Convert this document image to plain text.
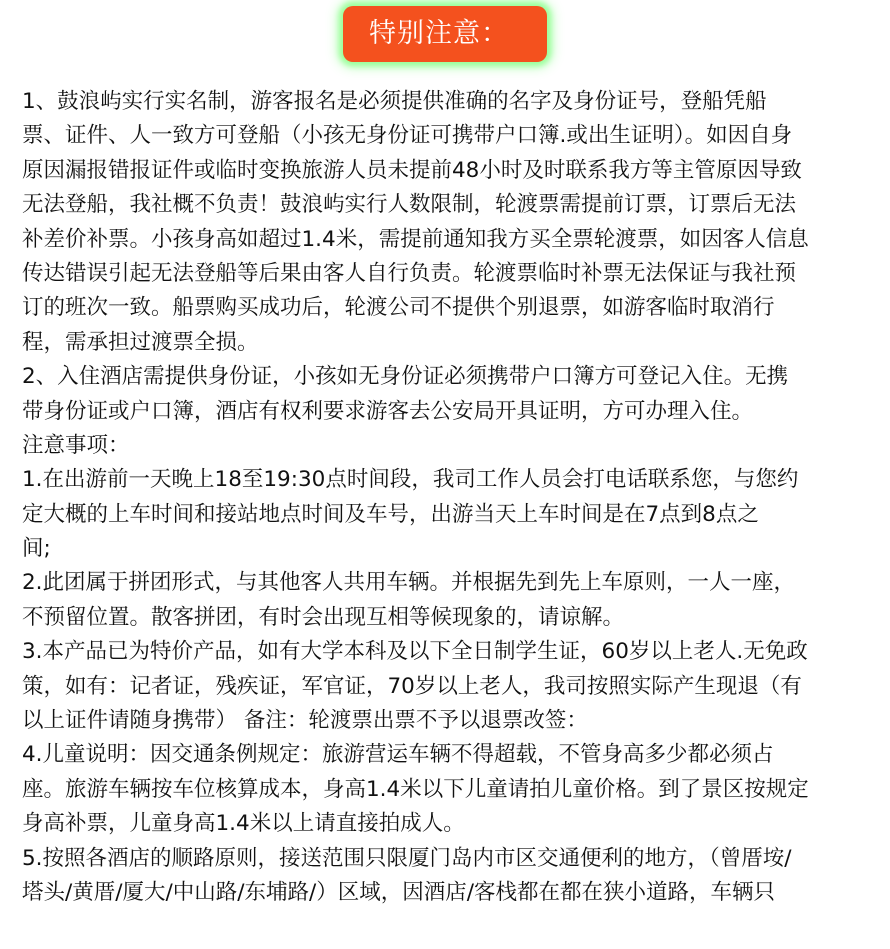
特别注意：
1、鼓浪屿实行实名制，游客报名是必须提供准确的名字及身份证号，登船凭船
票、证件、人一致方可登船（小孩无身份证可携带户口簿.或出生证明）。如因自身
原因漏报错报证件或临时变换旅游人员未提前48小时及时联系我方等主管原因导致
无法登船，我社概不负责！鼓浪屿实行人数限制，轮渡票需提前订票，订票后无法
补差价补票。小孩身高如超过1.4米，需提前通知我方买全票轮渡票，如因客人信息
传达错误引起无法登船等后果由客人自行负责。轮渡票临时补票无法保证与我社预
订的班次一致。船票购买成功后，轮渡公司不提供个别退票，如游客临时取消行
程，需承担过渡票全损。
2、入住酒店需提供身份证，小孩如无身份证必须携带户口簿方可登记入住。无携
带身份证或户口簿，酒店有权利要求游客去公安局开具证明，方可办理入住。
注意事项：
1.在出游前一天晚上18至19:30点时间段，我司工作人员会打电话联系您，与您约
定大概的上车时间和接站地点时间及车号，出游当天上车时间是在7点到8点之
间;
2.此团属于拼团形式，与其他客人共用车辆。并根据先到先上车原则，一人一座，
不预留位置。散客拼团，有时会出现互相等候现象的，请谅解。
3.本产品已为特价产品，如有大学本科及以下全日制学生证，60岁以上老人.无免政
策，如有：记者证，残疾证，军官证，70岁以上老人，我司按照实际产生现退（有
以上证件请随身携带） 备注：轮渡票出票不予以退票改签：
4.儿童说明：因交通条例规定：旅游营运车辆不得超载，不管身高多少都必须占
座。旅游车辆按车位核算成本，身高1.4米以下儿童请拍儿童价格。到了景区按规定
身高补票，儿童身高1.4米以上请直接拍成人。
5.按照各酒店的顺路原则，接送范围只限厦门岛内市区交通便利的地方，（曾厝垵/
塔头/黄厝/厦大/中山路/东埔路/）区域，因酒店/客栈都在都在狭小道路，车辆只
